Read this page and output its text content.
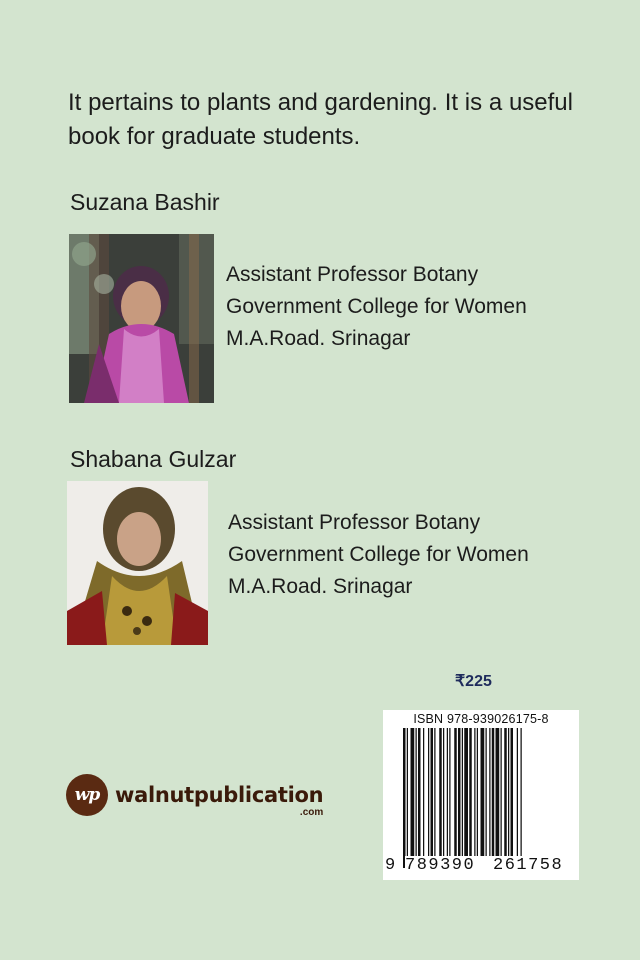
It pertains to plants and gardening. It is a useful book for graduate students.

Suzana Bashir
Assistant Professor Botany
Government College for Women
M.A.Road. Srinagar
Shabana Gulzar
Assistant Professor Botany
Government College for Women
M.A.Road. Srinagar
₹225
ISBN 978-939026175-8
9 789390 261758
wp walnutpublication
.com
